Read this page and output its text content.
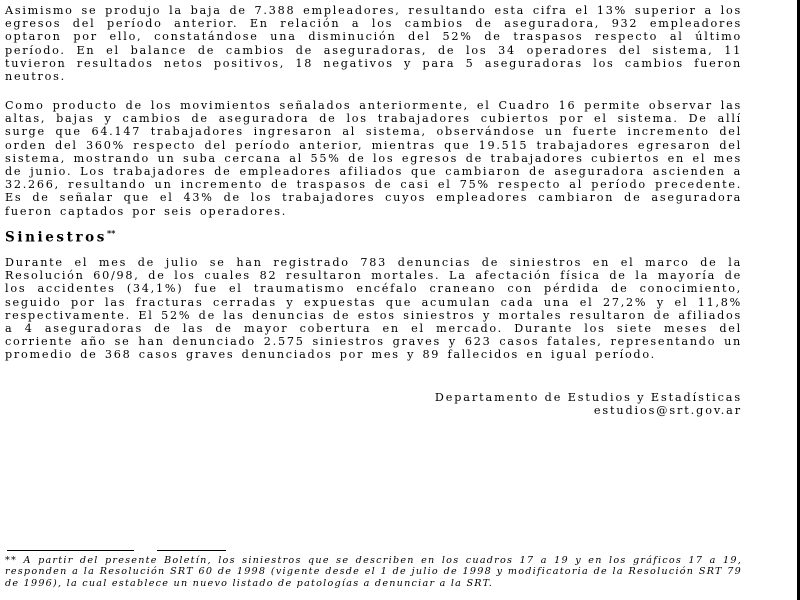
Asimismo se produjo la baja de 7.388 empleadores, resultando esta cifra el 13% superior a los egresos del período anterior. En relación a los cambios de aseguradora, 932 empleadores optaron por ello, constatándose una disminución del 52% de traspasos respecto al último período. En el balance de cambios de aseguradoras, de los 34 operadores del sistema, 11 tuvieron resultados netos positivos, 18 negativos y para 5 aseguradoras los cambios fueron neutros.

Como producto de los movimientos señalados anteriormente, el Cuadro 16 permite observar las altas, bajas y cambios de aseguradora de los trabajadores cubiertos por el sistema. De allí surge que 64.147 trabajadores ingresaron al sistema, observándose un fuerte incremento del orden del 360% respecto del período anterior, mientras que 19.515 trabajadores egresaron del sistema, mostrando un suba cercana al 55% de los egresos de trabajadores cubiertos en el mes de junio. Los trabajadores de empleadores afiliados que cambiaron de aseguradora ascienden a 32.266, resultando un incremento de traspasos de casi el 75% respecto al período precedente. Es de señalar que el 43% de los trabajadores cuyos empleadores cambiaron de aseguradora fueron captados por seis operadores.

Siniestros**

Durante el mes de julio se han registrado 783 denuncias de siniestros en el marco de la Resolución 60/98, de los cuales 82 resultaron mortales. La afectación física de la mayoría de los accidentes (34,1%) fue el traumatismo encéfalo craneano con pérdida de conocimiento, seguido por las fracturas cerradas y expuestas que acumulan cada una el 27,2% y el 11,8% respectivamente. El 52% de las denuncias de estos siniestros y mortales resultaron de afiliados a 4 aseguradoras de las de mayor cobertura en el mercado. Durante los siete meses del corriente año se han denunciado 2.575 siniestros graves y 623 casos fatales, representando un promedio de 368 casos graves denunciados por mes y 89 fallecidos en igual período.

Departamento de Estudios y Estadísticas
estudios@srt.gov.ar

** A partir del presente Boletín, los siniestros que se describen en los cuadros 17 a 19 y en los gráficos 17 a 19, responden a la Resolución SRT 60 de 1998 (vigente desde el 1 de julio de 1998 y modificatoria de la Resolución SRT 79 de 1996), la cual establece un nuevo listado de patologías a denunciar a la SRT.
